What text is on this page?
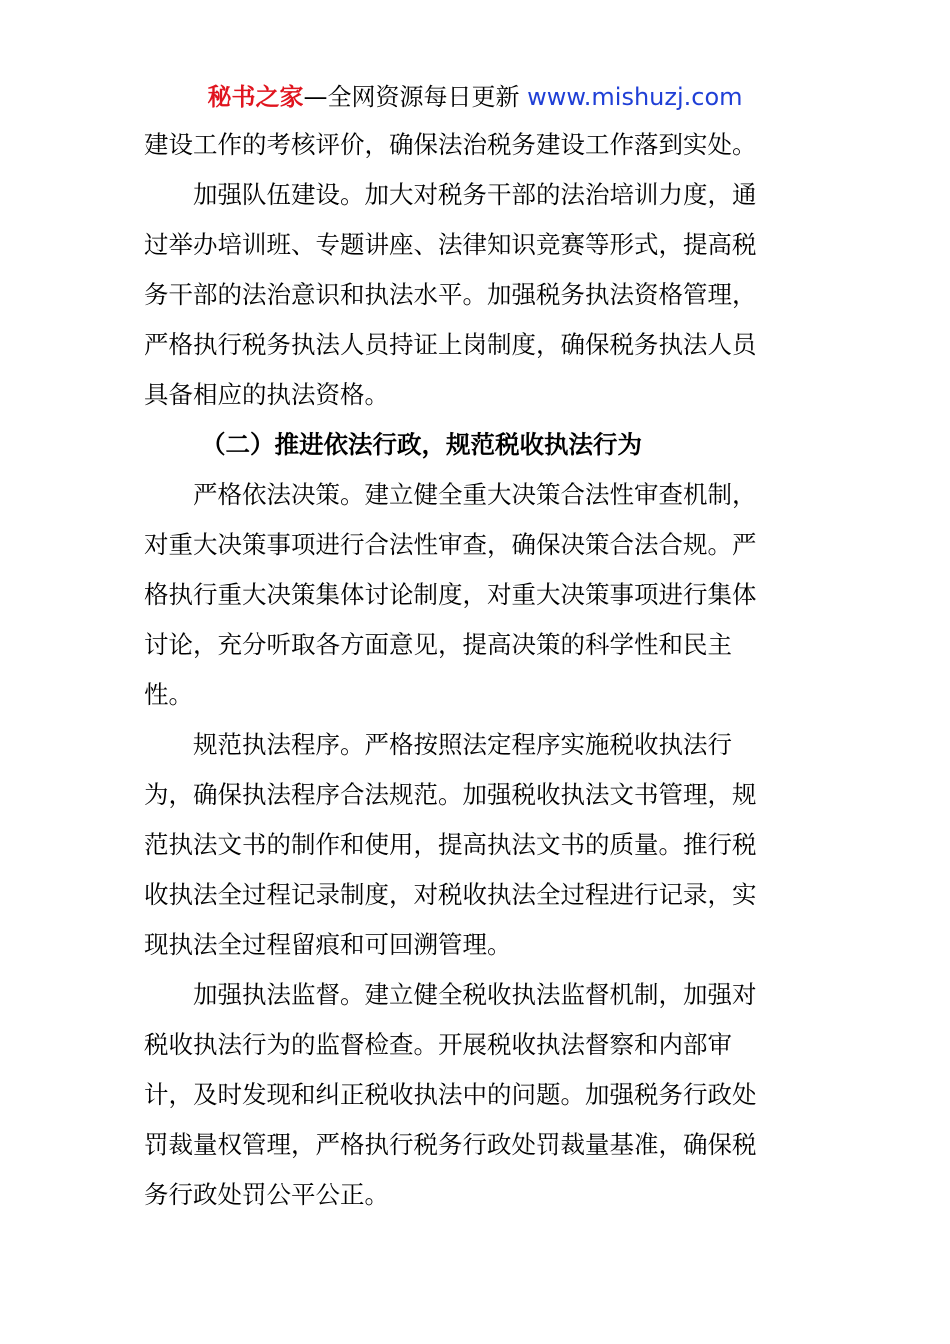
秘书之家—全网资源每日更新 www.mishuzj.com
建设工作的考核评价，确保法治税务建设工作落到实处。
加强队伍建设。加大对税务干部的法治培训力度，通
过举办培训班、专题讲座、法律知识竞赛等形式，提高税
务干部的法治意识和执法水平。加强税务执法资格管理，
严格执行税务执法人员持证上岗制度，确保税务执法人员
具备相应的执法资格。
（二）推进依法行政，规范税收执法行为
严格依法决策。建立健全重大决策合法性审查机制，
对重大决策事项进行合法性审查，确保决策合法合规。严
格执行重大决策集体讨论制度，对重大决策事项进行集体
讨论，充分听取各方面意见，提高决策的科学性和民主
性。
规范执法程序。严格按照法定程序实施税收执法行
为，确保执法程序合法规范。加强税收执法文书管理，规
范执法文书的制作和使用，提高执法文书的质量。推行税
收执法全过程记录制度，对税收执法全过程进行记录，实
现执法全过程留痕和可回溯管理。
加强执法监督。建立健全税收执法监督机制，加强对
税收执法行为的监督检查。开展税收执法督察和内部审
计，及时发现和纠正税收执法中的问题。加强税务行政处
罚裁量权管理，严格执行税务行政处罚裁量基准，确保税
务行政处罚公平公正。
